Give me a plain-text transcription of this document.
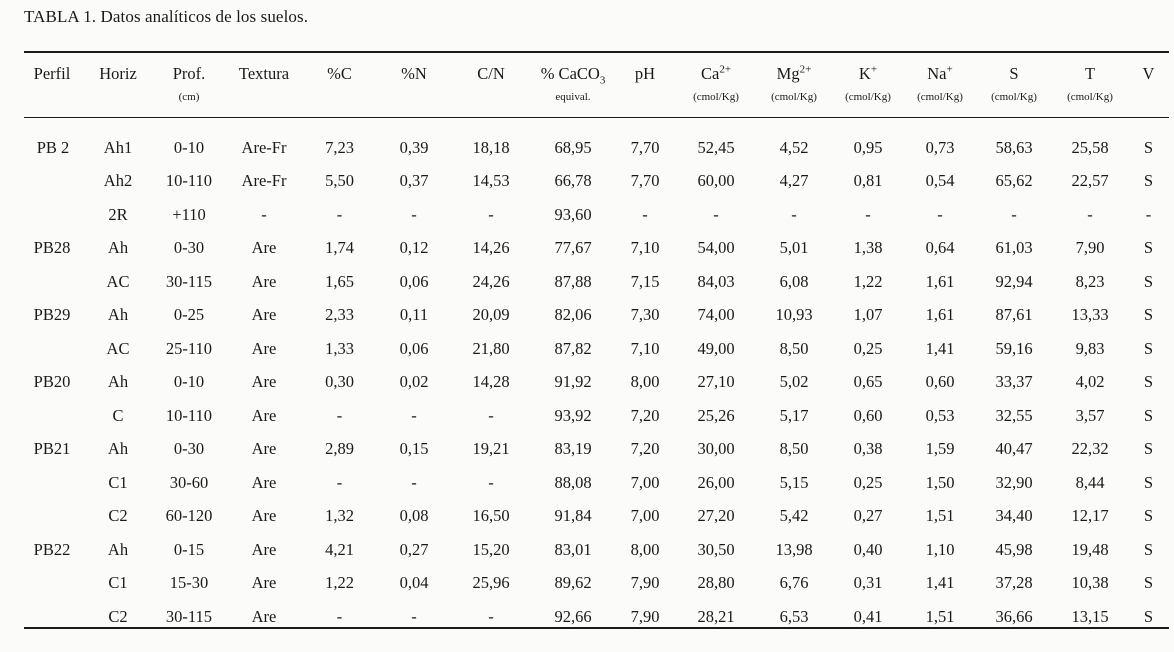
TABLA 1. Datos analíticos de los suelos.
Perfil	Horiz	Prof.	Textura	%C	%N	C/N	% CaCO$_3$	pH	$Ca^{2+}$	$Mg^{2+}$	K+	Na+	S	T	V
		(cm)					equival.		(cmol/Kg)	(cmol/Kg)	(cmol/Kg)	(cmol/Kg)	(cmol/Kg)	(cmol/Kg)	

PB 2	Ah1	0-10	Are-Fr	7,23	0,39	18,18	68,95	7,70	52,45	4,52	0,95	0,73	58,63	25,58	S
	Ah2	10-110	Are-Fr	5,50	0,37	14,53	66,78	7,70	60,00	4,27	0,81	0,54	65,62	22,57	S
	2R	+110	-	-	-	-	93,60	-	-	-	-	-	-	-	-
PB28	Ah	0-30	Are	1,74	0,12	14,26	77,67	7,10	54,00	5,01	1,38	0,64	61,03	7,90	S
	AC	30-115	Are	1,65	0,06	24,26	87,88	7,15	84,03	6,08	1,22	1,61	92,94	8,23	S
PB29	Ah	0-25	Are	2,33	0,11	20,09	82,06	7,30	74,00	10,93	1,07	1,61	87,61	13,33	S
	AC	25-110	Are	1,33	0,06	21,80	87,82	7,10	49,00	8,50	0,25	1,41	59,16	9,83	S
PB20	Ah	0-10	Are	0,30	0,02	14,28	91,92	8,00	27,10	5,02	0,65	0,60	33,37	4,02	S
	C	10-110	Are	-	-	-	93,92	7,20	25,26	5,17	0,60	0,53	32,55	3,57	S
PB21	Ah	0-30	Are	2,89	0,15	19,21	83,19	7,20	30,00	8,50	0,38	1,59	40,47	22,32	S
	C1	30-60	Are	-	-	-	88,08	7,00	26,00	5,15	0,25	1,50	32,90	8,44	S
	C2	60-120	Are	1,32	0,08	16,50	91,84	7,00	27,20	5,42	0,27	1,51	34,40	12,17	S
PB22	Ah	0-15	Are	4,21	0,27	15,20	83,01	8,00	30,50	13,98	0,40	1,10	45,98	19,48	S
	C1	15-30	Are	1,22	0,04	25,96	89,62	7,90	28,80	6,76	0,31	1,41	37,28	10,38	S
	C2	30-115	Are	-	-	-	92,66	7,90	28,21	6,53	0,41	1,51	36,66	13,15	S
